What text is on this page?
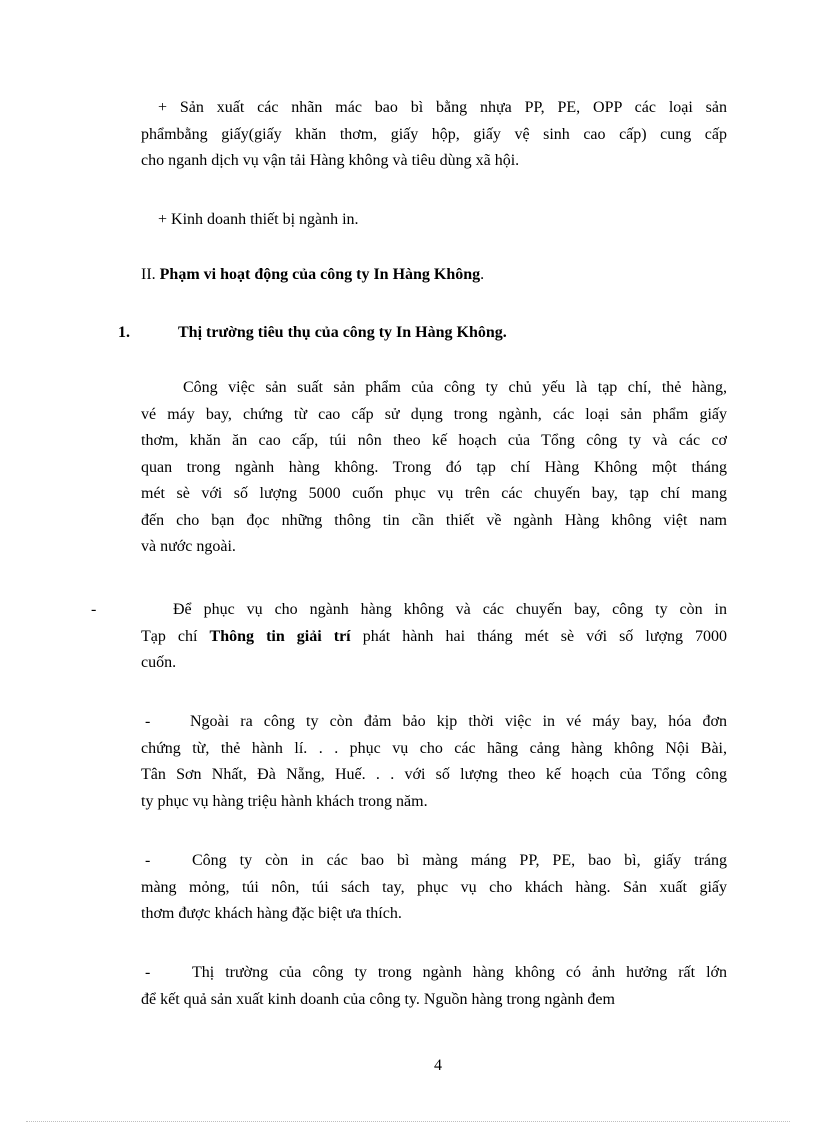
+ Sản xuất các nhãn mác bao bì bằng nhựa PP, PE, OPP các loại sản
phẩmbằng giấy(giấy khăn thơm, giấy hộp, giấy vệ sinh cao cấp) cung cấp
cho nganh dịch vụ vận tải Hàng không và tiêu dùng xã hội.
+ Kinh doanh thiết bị ngành in.
II. Phạm vi hoạt động của công ty In Hàng Không.
1.	Thị trường tiêu thụ của công ty In Hàng Không.
Công việc sản suất sản phẩm của công ty chủ yếu là tạp chí, thẻ hàng,
vé máy bay, chứng từ cao cấp sử dụng trong ngành, các loại sản phẩm giấy
thơm, khăn ăn cao cấp, túi nôn theo kế hoạch của Tổng công ty và các cơ
quan trong ngành hàng không. Trong đó tạp chí Hàng Không một tháng
mét sè với số lượng 5000 cuốn phục vụ trên các chuyến bay, tạp chí mang
đến cho bạn đọc những thông tin cần thiết về ngành Hàng không việt nam
và nước ngoài.
-	Để phục vụ cho ngành hàng không và các chuyến bay, công ty còn in
Tạp chí Thông tin giải trí phát hành hai tháng mét sè với số lượng 7000
cuốn.
-	Ngoài ra công ty còn đảm bảo kịp thời việc in vé máy bay, hóa đơn
chứng từ, thẻ hành lí. . . phục vụ cho các hãng cảng hàng không Nội Bài,
Tân Sơn Nhất, Đà Nẵng, Huế. . . với số lượng theo kế hoạch của Tổng công
ty phục vụ hàng triệu hành khách trong năm.
-	Công ty còn in các bao bì màng máng PP, PE, bao bì, giấy tráng
màng mỏng, túi nôn, túi sách tay, phục vụ cho khách hàng. Sản xuất giấy
thơm được khách hàng đặc biệt ưa thích.
-	Thị trường của công ty trong ngành hàng không có ảnh hưởng rất lớn
để kết quả sản xuất kinh doanh của công ty. Nguồn hàng trong ngành đem
4
